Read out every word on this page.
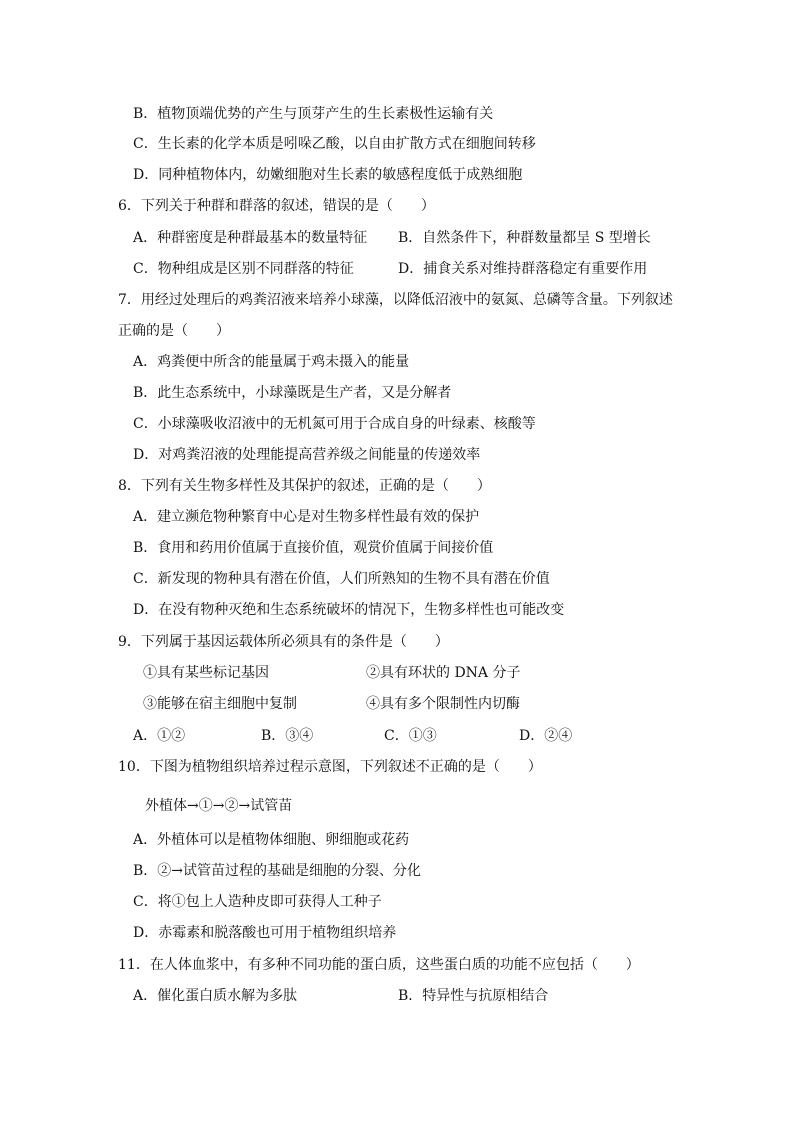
B．植物顶端优势的产生与顶芽产生的生长素极性运输有关
C．生长素的化学本质是吲哚乙酸，以自由扩散方式在细胞间转移
D．同种植物体内，幼嫩细胞对生长素的敏感程度低于成熟细胞
6．下列关于种群和群落的叙述，错误的是（　　）
A．种群密度是种群最基本的数量特征 B．自然条件下，种群数量都呈 S 型增长
C．物种组成是区别不同群落的特征	D．捕食关系对维持群落稳定有重要作用
7．用经过处理后的鸡粪沼液来培养小球藻，以降低沼液中的氨氮、总磷等含量。下列叙述
正确的是（　　）
A．鸡粪便中所含的能量属于鸡未摄入的能量
B．此生态系统中，小球藻既是生产者，又是分解者
C．小球藻吸收沼液中的无机氮可用于合成自身的叶绿素、核酸等
D．对鸡粪沼液的处理能提高营养级之间能量的传递效率
8．下列有关生物多样性及其保护的叙述，正确的是（　　）
A．建立濒危物种繁育中心是对生物多样性最有效的保护
B．食用和药用价值属于直接价值，观赏价值属于间接价值
C．新发现的物种具有潜在价值，人们所熟知的生物不具有潜在价值
D．在没有物种灭绝和生态系统破坏的情况下，生物多样性也可能改变
9．下列属于基因运载体所必须具有的条件是（　　）
①具有某些标记基因	②具有环状的 DNA 分子
③能够在宿主细胞中复制	④具有多个限制性内切酶
A．①②	B．③④	C．①③	D．②④
10．下图为植物组织培养过程示意图，下列叙述不正确的是（　　）
外植体→①→②→试管苗
A．外植体可以是植物体细胞、卵细胞或花药
B．②→试管苗过程的基础是细胞的分裂、分化
C．将①包上人造种皮即可获得人工种子
D．赤霉素和脱落酸也可用于植物组织培养
11．在人体血浆中，有多种不同功能的蛋白质，这些蛋白质的功能不应包括（　　）
A．催化蛋白质水解为多肽	B．特异性与抗原相结合
